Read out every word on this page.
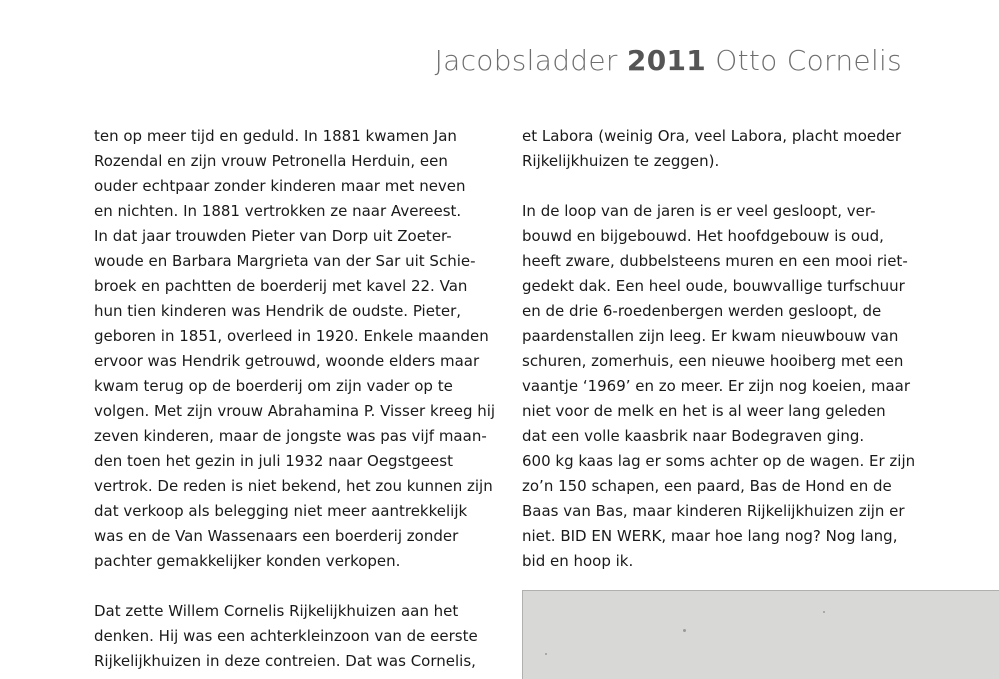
Jacobsladder 2011 Otto Cornelis
ten op meer tijd en geduld. In 1881 kwamen Jan
Rozendal en zijn vrouw Petronella Herduin, een
ouder echtpaar zonder kinderen maar met neven
en nichten. In 1881 vertrokken ze naar Avereest.
In dat jaar trouwden Pieter van Dorp uit Zoeter-
woude en Barbara Margrieta van der Sar uit Schie-
broek en pachtten de boerderij met kavel 22. Van
hun tien kinderen was Hendrik de oudste. Pieter,
geboren in 1851, overleed in 1920. Enkele maanden
ervoor was Hendrik getrouwd, woonde elders maar
kwam terug op de boerderij om zijn vader op te
volgen. Met zijn vrouw Abrahamina P. Visser kreeg hij
zeven kinderen, maar de jongste was pas vijf maan-
den toen het gezin in juli 1932 naar Oegstgeest
vertrok. De reden is niet bekend, het zou kunnen zijn
dat verkoop als belegging niet meer aantrekkelijk
was en de Van Wassenaars een boerderij zonder
pachter gemakkelijker konden verkopen.
Dat zette Willem Cornelis Rijkelijkhuizen aan het
denken. Hij was een achterkleinzoon van de eerste
Rijkelijkhuizen in deze contreien. Dat was Cornelis,
et Labora (weinig Ora, veel Labora, placht moeder
Rijkelijkhuizen te zeggen).
In de loop van de jaren is er veel gesloopt, ver-
bouwd en bijgebouwd. Het hoofdgebouw is oud,
heeft zware, dubbelsteens muren en een mooi riet-
gedekt dak. Een heel oude, bouwvallige turfschuur
en de drie 6-roedenbergen werden gesloopt, de
paardenstallen zijn leeg. Er kwam nieuwbouw van
schuren, zomerhuis, een nieuwe hooiberg met een
vaantje ‘1969’ en zo meer. Er zijn nog koeien, maar
niet voor de melk en het is al weer lang geleden
dat een volle kaasbrik naar Bodegraven ging.
600 kg kaas lag er soms achter op de wagen. Er zijn
zo’n 150 schapen, een paard, Bas de Hond en de
Baas van Bas, maar kinderen Rijkelijkhuizen zijn er
niet. BID EN WERK, maar hoe lang nog? Nog lang,
bid en hoop ik.
